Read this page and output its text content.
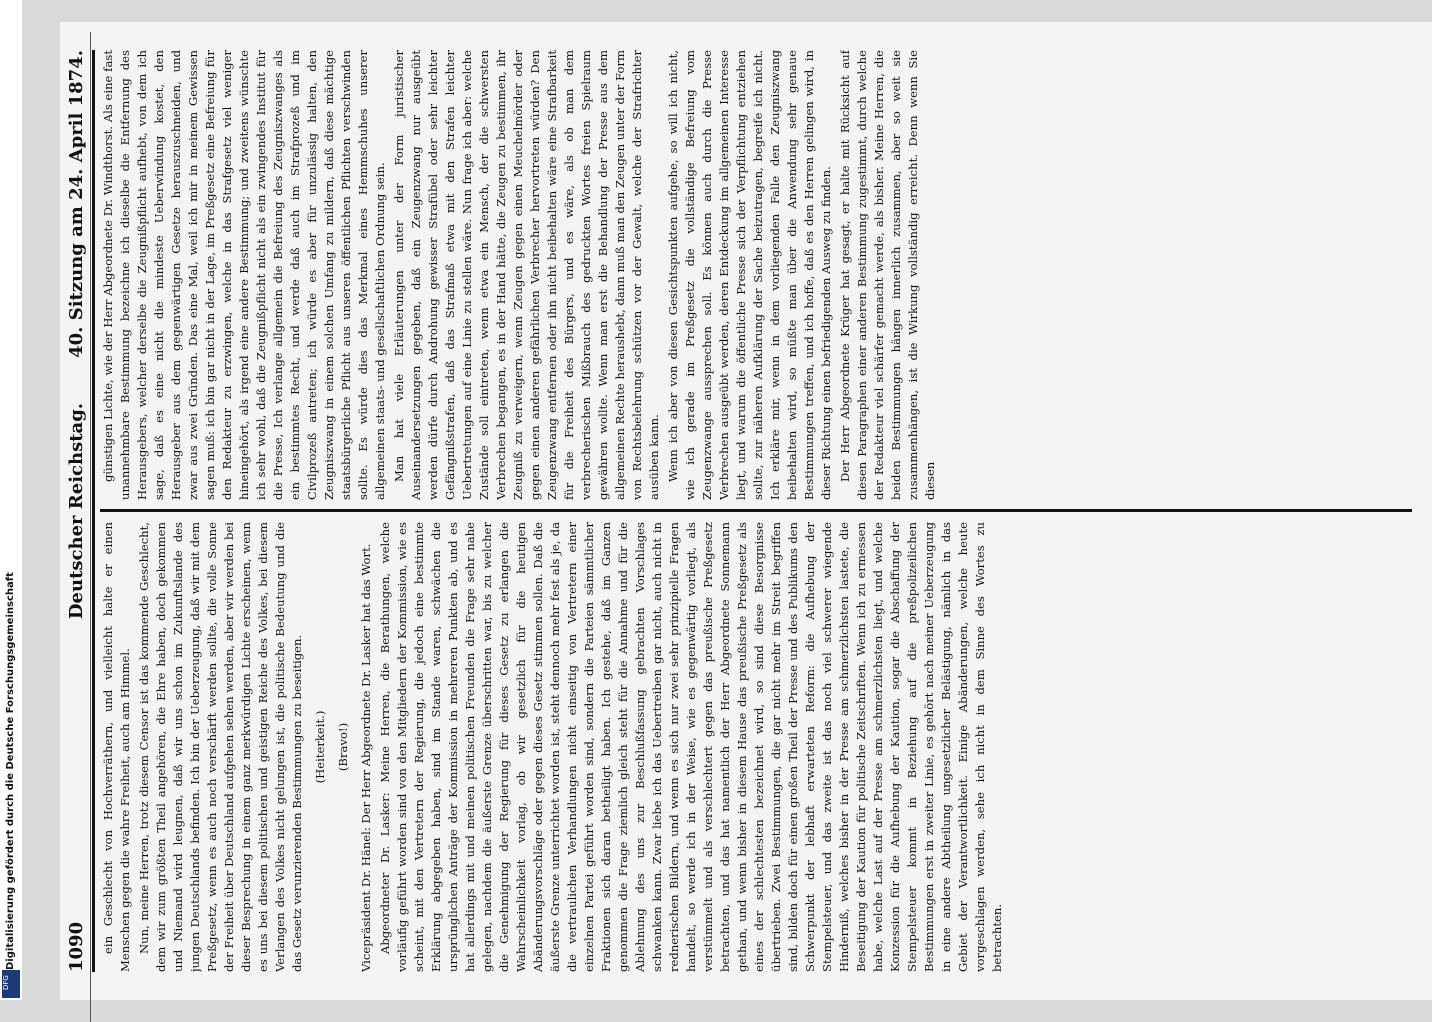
Digitalisierung gefördert durch die Deutsche Forschungsgemeinschaft
DFG
1090
Deutscher Reichstag.
40. Sitzung am 24. April 1874.

ein Geschlecht von Hochverräthern, und vielleicht halte er einen Menschen gegen die wahre Freiheit, auch am Himmel. Nun, meine Herren, trotz diesem Censor ist das kommende Geschlecht, dem wir zum größten Theil angehören, die Ehre haben, doch gekommen und Niemand wird leugnen, daß wir uns schon im Zukunftslande des jungen Deutschlands befinden. Ich bin der Ueberzeugung, daß wir mit dem Preßgesetz, wenn es auch noch verschärft werden sollte, die volle Sonne der Freiheit über Deutschland aufgehen sehen werden, aber wir werden bei dieser Besprechung in einem ganz merkwürdigen Lichte erscheinen, wenn es uns bei diesem politischen und geistigen Reiche des Volkes, bei diesem Verlangen des Volkes nicht gelungen ist, die politische Bedeutung und die das Gesetz verunzierenden Bestimmungen zu beseitigen. (Heiterkeit.) (Bravo!) Vicepräsident Dr. Hänel: Der Herr Abgeordnete Dr. Lasker hat das Wort. Abgeordneter Dr. Lasker: Meine Herren, die Berathungen, welche vorläufig geführt worden sind von den Mitgliedern der Kommission, wie es scheint, mit den Vertretern der Regierung, die jedoch eine bestimmte Erklärung abgegeben haben, sind im Stande waren, schwächen die ursprünglichen Anträge der Kommission in mehreren Punkten ab, und es hat allerdings mit und meinen politischen Freunden die Frage sehr nahe gelegen, nachdem die äußerste Grenze überschritten war, bis zu welcher die Genehmigung der Regierung für dieses Gesetz zu erlangen die Wahrscheinlichkeit vorlag, ob wir gesetzlich für die heutigen Abänderungsvorschläge oder gegen dieses Gesetz stimmen sollen. Daß die äußerste Grenze unterrichtet worden ist, steht dennoch mehr fest als je, da die vertraulichen Verhandlungen nicht einseitig von Vertretern einer einzelnen Partei geführt worden sind, sondern die Parteien sämmtlicher Fraktionen sich daran betheiligt haben. Ich gestehe, daß im Ganzen genommen die Frage ziemlich gleich steht für die Annahme und für die Ablehnung des uns zur Beschlußfassung gebrachten Vorschlages schwanken kann. Zwar liebe ich das Uebertreiben gar nicht, auch nicht in rednerischen Bildern, und wenn es sich nur zwei sehr prinzipielle Fragen handelt, so werde ich in der Weise, wie es gegenwärtig vorliegt, als verstümmelt und als verschlechtert gegen das preußische Preßgesetz betrachten, und das hat namentlich der Herr Abgeordnete Sonnemann gethan, und wenn bisher in diesem Hause das preußische Preßgesetz als eines der schlechtesten bezeichnet wird, so sind diese Besorgnisse übertrieben. Zwei Bestimmungen, die gar nicht mehr im Streit begriffen sind, bilden doch für einen großen Theil der Presse und des Publikums den Schwerpunkt der lebhaft erwarteten Reform: die Aufhebung der Stempelsteuer, und das zweite ist das noch viel schwerer wiegende Hinderniß, welches bisher in der Presse am schmerzlichsten lastete, die Beseitigung der Kaution für politische Zeitschriften. Wenn ich zu ermessen habe, welche Last auf der Presse am schmerzlichsten liegt, und welche Konzession für die Aufhebung der Kaution, sogar die Abschaffung der Stempelsteuer kommt in Beziehung auf die preßpolizeilichen Bestimmungen erst in zweiter Linie, es gehört nach meiner Ueberzeugung in eine andere Abtheilung ungesetzlicher Belästigung, nämlich in das Gebiet der Verantwortlichkeit. Einige Abänderungen, welche heute vorgeschlagen werden, sehe ich nicht in dem Sinne des Wortes zu betrachten.

günstigen Lichte, wie der Herr Abgeordnete Dr. Windthorst. Als eine fast unannehmbare Bestimmung bezeichne ich dieselbe die Entfernung des Herausgebers, welcher derselbe die Zeugnißpflicht aufhebt, von dem ich sage, daß es eine nicht die mindeste Ueberwindung kostet, den Herausgeber aus dem gegenwärtigen Gesetze herauszuschneiden, und zwar aus zwei Gründen. Das eine Mal, weil ich mir in meinem Gewissen sagen muß: ich bin gar nicht in der Lage, im Preßgesetz eine Befreiung für den Redakteur zu erzwingen, welche in das Strafgesetz viel weniger hineingehört, als irgend eine andere Bestimmung; und zweitens wünschte ich sehr wohl, daß die Zeugnißpflicht nicht als ein zwingendes Institut für die Presse, Ich verlange allgemein die Befreiung des Zeugniszwanges als ein bestimmtes Recht, und werde daß auch im Strafprozeß und im Civilprozeß antreten; ich würde es aber für unzulässig halten, den Zeugniszwang in einem solchen Umfang zu mildern, daß diese mächtige staatsbürgerliche Pflicht aus unseren öffentlichen Pflichten verschwinden sollte. Es würde dies das Merkmal eines Hemmschuhes unserer allgemeinen staats- und gesellschaftlichen Ordnung sein. Man hat viele Erläuterungen unter der Form juristischer Auseinandersetzungen gegeben, daß ein Zeugenzwang nur ausgeübt werden dürfe durch Androhung gewisser Strafübel oder sehr leichter Gefängnißstrafen, daß das Strafmaß etwa mit den Strafen leichter Uebertretungen auf eine Linie zu stellen wäre. Nun frage ich aber: welche Zustände soll eintreten, wenn etwa ein Mensch, der die schwersten Verbrechen begangen, es in der Hand hätte, die Zeugen zu bestimmen, ihr Zeugniß zu verweigern, wenn Zeugen gegen einen Meuchelmörder oder gegen einen anderen gefährlichen Verbrecher hervortreten würden? Den Zeugenzwang entfernen oder ihn nicht beibehalten wäre eine Strafbarkeit für die Freiheit des Bürgers, und es wäre, als ob man dem verbrecherischen Mißbrauch des gedruckten Wortes freien Spielraum gewähren wollte. Wenn man erst die Behandlung der Presse aus dem allgemeinen Rechte heraushebt, dann muß man den Zeugen unter der Form von Rechtsbelehrung schützen vor der Gewalt, welche der Strafrichter ausüben kann. Wenn ich aber von diesen Gesichtspunkten aufgehe, so will ich nicht, wie ich gerade im Preßgesetz die vollständige Befreiung vom Zeugenzwange aussprechen soll. Es können auch durch die Presse Verbrechen ausgeübt werden, deren Entdeckung im allgemeinen Interesse liegt, und warum die öffentliche Presse sich der Verpflichtung entziehen sollte, zur näheren Aufklärung der Sache beizutragen, begreife ich nicht. Ich erkläre mir, wenn in dem vorliegenden Falle den Zeugniszwang beibehalten wird, so müßte man über die Anwendung sehr genaue Bestimmungen treffen, und ich hoffe, daß es den Herren gelingen wird, in dieser Richtung einen befriedigenden Ausweg zu finden. Der Herr Abgeordnete Krüger hat gesagt, er halte mit Rücksicht auf diesen Paragraphen einer anderen Bestimmung zugestimmt, durch welche der Redakteur viel schärfer gemacht werde, als bisher. Meine Herren, die beiden Bestimmungen hängen innerlich zusammen, aber so weit sie zusammenhängen, ist die Wirkung vollständig erreicht. Denn wenn Sie diesen
